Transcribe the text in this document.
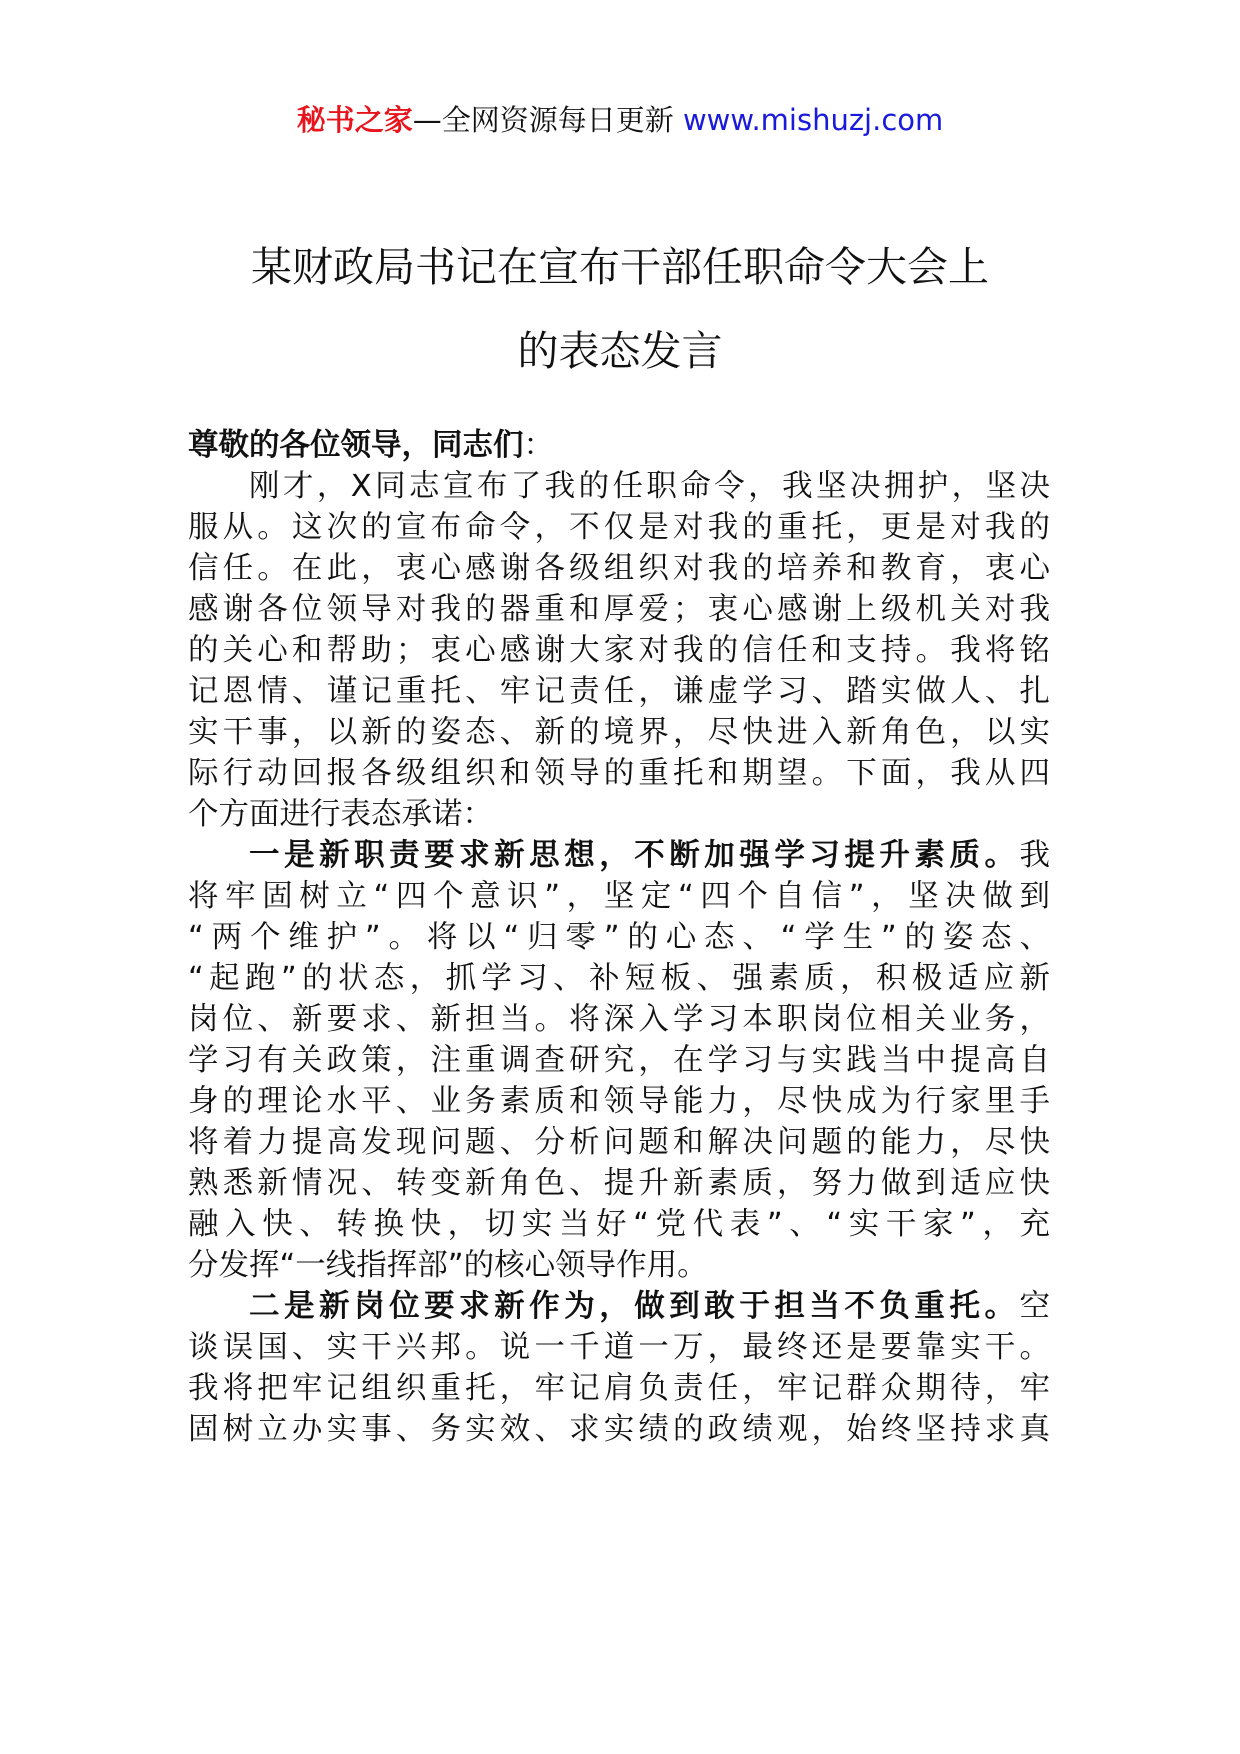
秘书之家—全网资源每日更新 www.mishuzj.com
某财政局书记在宣布干部任职命令大会上
的表态发言
尊敬的各位领导，同志们：
刚才，X同志宣布了我的任职命令，我坚决拥护，坚决
服从。这次的宣布命令，不仅是对我的重托，更是对我的
信任。在此，衷心感谢各级组织对我的培养和教育，衷心
感谢各位领导对我的器重和厚爱；衷心感谢上级机关对我
的关心和帮助；衷心感谢大家对我的信任和支持。我将铭
记恩情、谨记重托、牢记责任，谦虚学习、踏实做人、扎
实干事，以新的姿态、新的境界，尽快进入新角色，以实
际行动回报各级组织和领导的重托和期望。下面，我从四
个方面进行表态承诺：
一是新职责要求新思想，不断加强学习提升素质。我
将牢固树立“四个意识”，坚定“四个自信”，坚决做到
“两个维护”。将以“归零”的心态、“学生”的姿态、
“起跑”的状态，抓学习、补短板、强素质，积极适应新
岗位、新要求、新担当。将深入学习本职岗位相关业务，
学习有关政策，注重调查研究，在学习与实践当中提高自
身的理论水平、业务素质和领导能力，尽快成为行家里手
将着力提高发现问题、分析问题和解决问题的能力，尽快
熟悉新情况、转变新角色、提升新素质，努力做到适应快
融入快、转换快，切实当好“党代表”、“实干家”，充
分发挥“一线指挥部”的核心领导作用。
二是新岗位要求新作为，做到敢于担当不负重托。空
谈误国、实干兴邦。说一千道一万，最终还是要靠实干。
我将把牢记组织重托，牢记肩负责任，牢记群众期待，牢
固树立办实事、务实效、求实绩的政绩观，始终坚持求真
